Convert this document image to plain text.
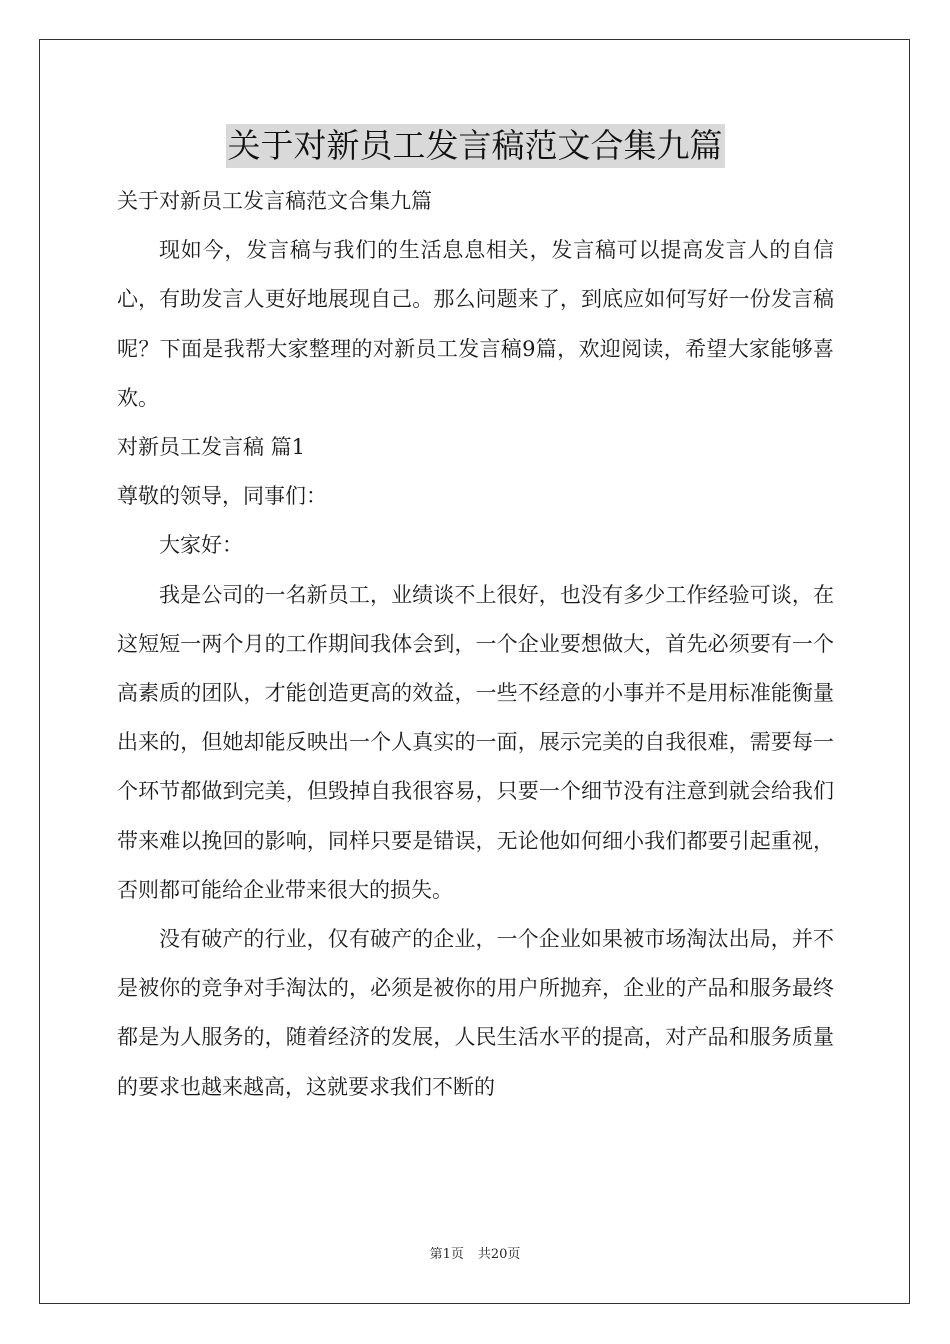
关于对新员工发言稿范文合集九篇

关于对新员工发言稿范文合集九篇

现如今，发言稿与我们的生活息息相关，发言稿可以提高发言人的自信心，有助发言人更好地展现自己。那么问题来了，到底应如何写好一份发言稿呢？下面是我帮大家整理的对新员工发言稿9篇，欢迎阅读，希望大家能够喜欢。

对新员工发言稿 篇1

尊敬的领导，同事们：

大家好：

我是公司的一名新员工，业绩谈不上很好，也没有多少工作经验可谈，在这短短一两个月的工作期间我体会到，一个企业要想做大，首先必须要有一个高素质的团队，才能创造更高的效益，一些不经意的小事并不是用标准能衡量出来的，但她却能反映出一个人真实的一面，展示完美的自我很难，需要每一个环节都做到完美，但毁掉自我很容易，只要一个细节没有注意到就会给我们带来难以挽回的影响，同样只要是错误，无论他如何细小我们都要引起重视，否则都可能给企业带来很大的损失。

没有破产的行业，仅有破产的企业，一个企业如果被市场淘汰出局，并不是被你的竞争对手淘汰的，必须是被你的用户所抛弃，企业的产品和服务最终都是为人服务的，随着经济的发展，人民生活水平的提高，对产品和服务质量的要求也越来越高，这就要求我们不断的

第1页 共20页
